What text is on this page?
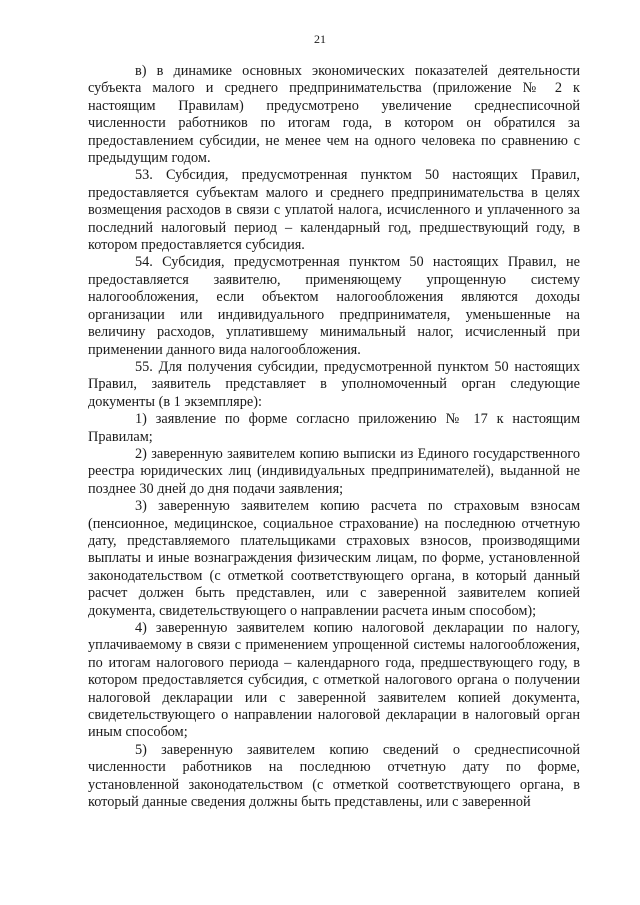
21

в) в динамике основных экономических показателей деятельности субъекта малого и среднего предпринимательства (приложение № 2 к настоящим Правилам) предусмотрено увеличение среднесписочной численности работников по итогам года, в котором он обратился за предоставлением субсидии, не менее чем на одного человека по сравнению с предыдущим годом.

53. Субсидия, предусмотренная пунктом 50 настоящих Правил, предоставляется субъектам малого и среднего предпринимательства в целях возмещения расходов в связи с уплатой налога, исчисленного и уплаченного за последний налоговый период – календарный год, предшествующий году, в котором предоставляется субсидия.

54. Субсидия, предусмотренная пунктом 50 настоящих Правил, не предоставляется заявителю, применяющему упрощенную систему налогообложения, если объектом налогообложения являются доходы организации или индивидуального предпринимателя, уменьшенные на величину расходов, уплатившему минимальный налог, исчисленный при применении данного вида налогообложения.

55. Для получения субсидии, предусмотренной пунктом 50 настоящих Правил, заявитель представляет в уполномоченный орган следующие документы (в 1 экземпляре):

1) заявление по форме согласно приложению № 17 к настоящим Правилам;

2) заверенную заявителем копию выписки из Единого государственного реестра юридических лиц (индивидуальных предпринимателей), выданной не позднее 30 дней до дня подачи заявления;

3) заверенную заявителем копию расчета по страховым взносам (пенсионное, медицинское, социальное страхование) на последнюю отчетную дату, представляемого плательщиками страховых взносов, производящими выплаты и иные вознаграждения физическим лицам, по форме, установленной законодательством (с отметкой соответствующего органа, в который данный расчет должен быть представлен, или с заверенной заявителем копией документа, свидетельствующего о направлении расчета иным способом);

4) заверенную заявителем копию налоговой декларации по налогу, уплачиваемому в связи с применением упрощенной системы налогообложения, по итогам налогового периода – календарного года, предшествующего году, в котором предоставляется субсидия, с отметкой налогового органа о получении налоговой декларации или с заверенной заявителем копией документа, свидетельствующего о направлении налоговой декларации в налоговый орган иным способом;

5) заверенную заявителем копию сведений о среднесписочной численности работников на последнюю отчетную дату по форме, установленной законодательством (с отметкой соответствующего органа, в который данные сведения должны быть представлены, или с заверенной
